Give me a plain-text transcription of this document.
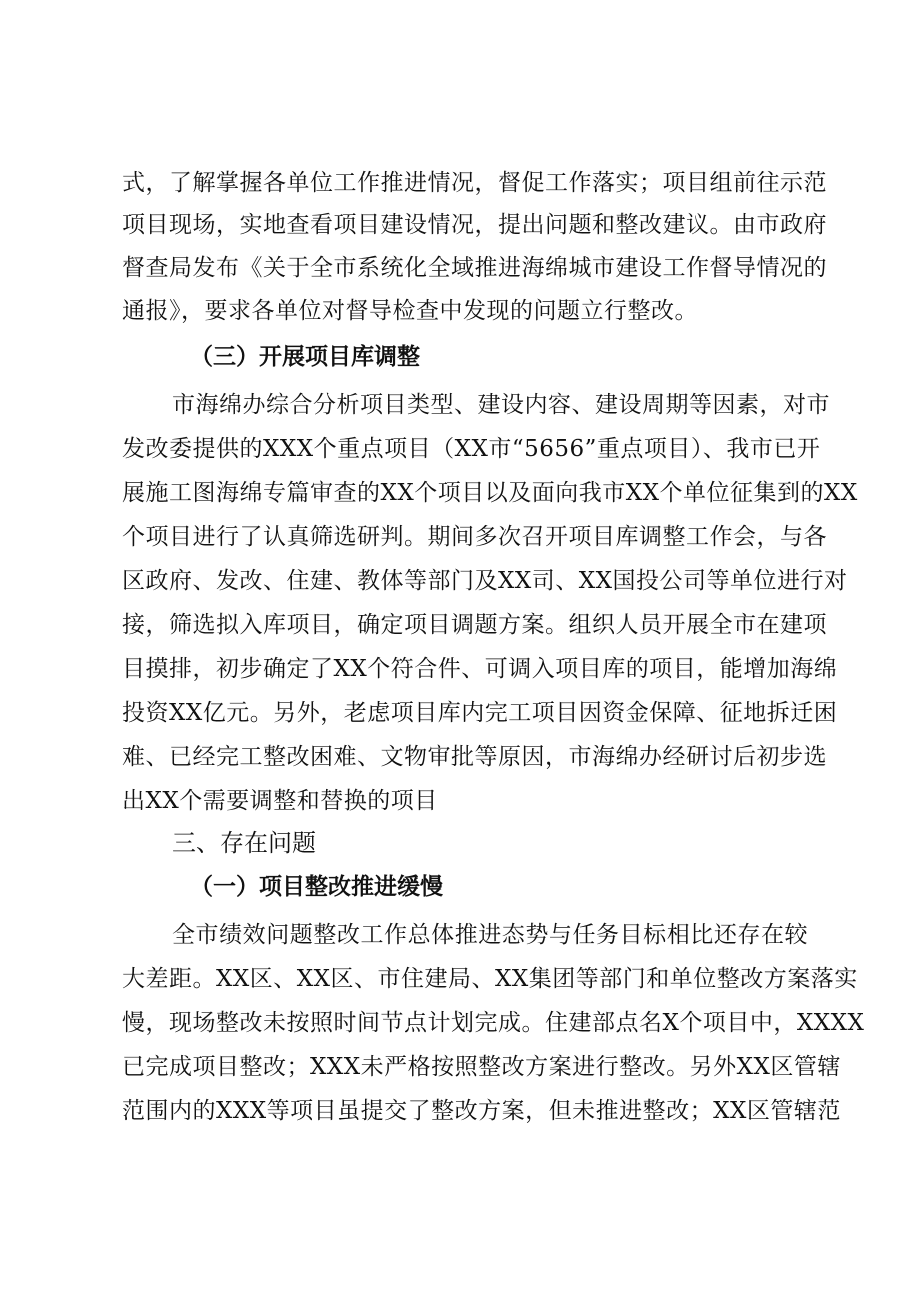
式，了解掌握各单位工作推进情况，督促工作落实；项目组前往示范
项目现场，实地查看项目建设情况，提出问题和整改建议。由市政府
督查局发布《关于全市系统化全域推进海绵城市建设工作督导情况的
通报》，要求各单位对督导检查中发现的问题立行整改。
（三）开展项目库调整
市海绵办综合分析项目类型、建设内容、建设周期等因素，对市
发改委提供的XXX个重点项目（XX市“5656”重点项目）、我市已开
展施工图海绵专篇审查的XX个项目以及面向我市XX个单位征集到的XX
个项目进行了认真筛选研判。期间多次召开项目库调整工作会，与各
区政府、发改、住建、教体等部门及XX司、XX国投公司等单位进行对
接，筛选拟入库项目，确定项目调题方案。组织人员开展全市在建项
目摸排，初步确定了XX个符合件、可调入项目库的项目，能增加海绵
投资XX亿元。另外，老虑项目库内完工项目因资金保障、征地拆迁困
难、已经完工整改困难、文物审批等原因，市海绵办经研讨后初步选
出XX个需要调整和替换的项目
三、存在问题
（一）项目整改推进缓慢
全市绩效问题整改工作总体推进态势与任务目标相比还存在较
大差距。XX区、XX区、市住建局、XX集团等部门和单位整改方案落实
慢，现场整改未按照时间节点计划完成。住建部点名X个项目中，XXXX
已完成项目整改；XXX未严格按照整改方案进行整改。另外XX区管辖
范围内的XXX等项目虽提交了整改方案，但未推进整改；XX区管辖范
